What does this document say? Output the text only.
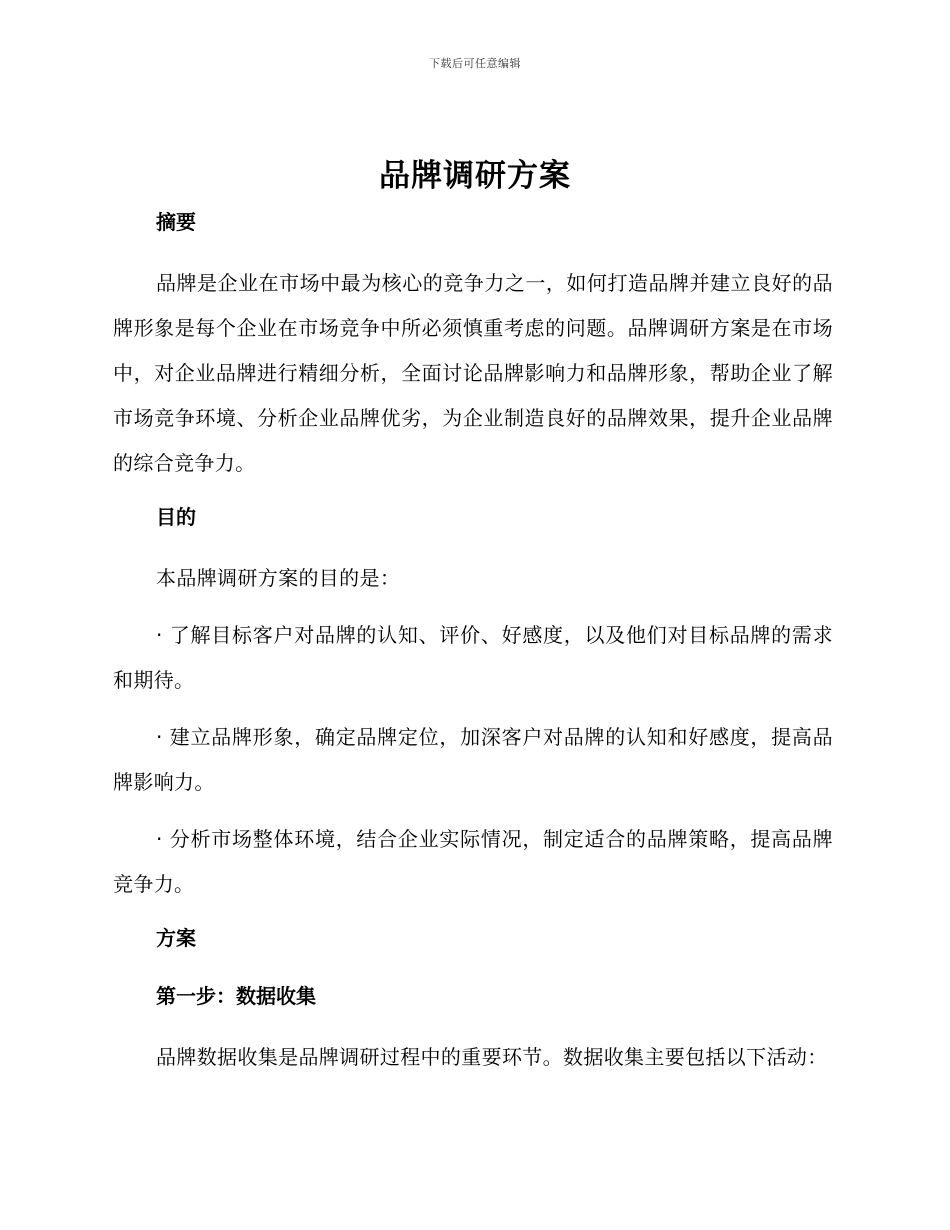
下载后可任意编辑
品牌调研方案
摘要
品牌是企业在市场中最为核心的竞争力之一，如何打造品牌并建立良好的品牌形象是每个企业在市场竞争中所必须慎重考虑的问题。品牌调研方案是在市场中，对企业品牌进行精细分析，全面讨论品牌影响力和品牌形象，帮助企业了解市场竞争环境、分析企业品牌优劣，为企业制造良好的品牌效果，提升企业品牌的综合竞争力。
目的
本品牌调研方案的目的是：
· 了解目标客户对品牌的认知、评价、好感度，以及他们对目标品牌的需求和期待。
· 建立品牌形象，确定品牌定位，加深客户对品牌的认知和好感度，提高品牌影响力。
· 分析市场整体环境，结合企业实际情况，制定适合的品牌策略，提高品牌竞争力。
方案
第一步：数据收集
品牌数据收集是品牌调研过程中的重要环节。数据收集主要包括以下活动：
